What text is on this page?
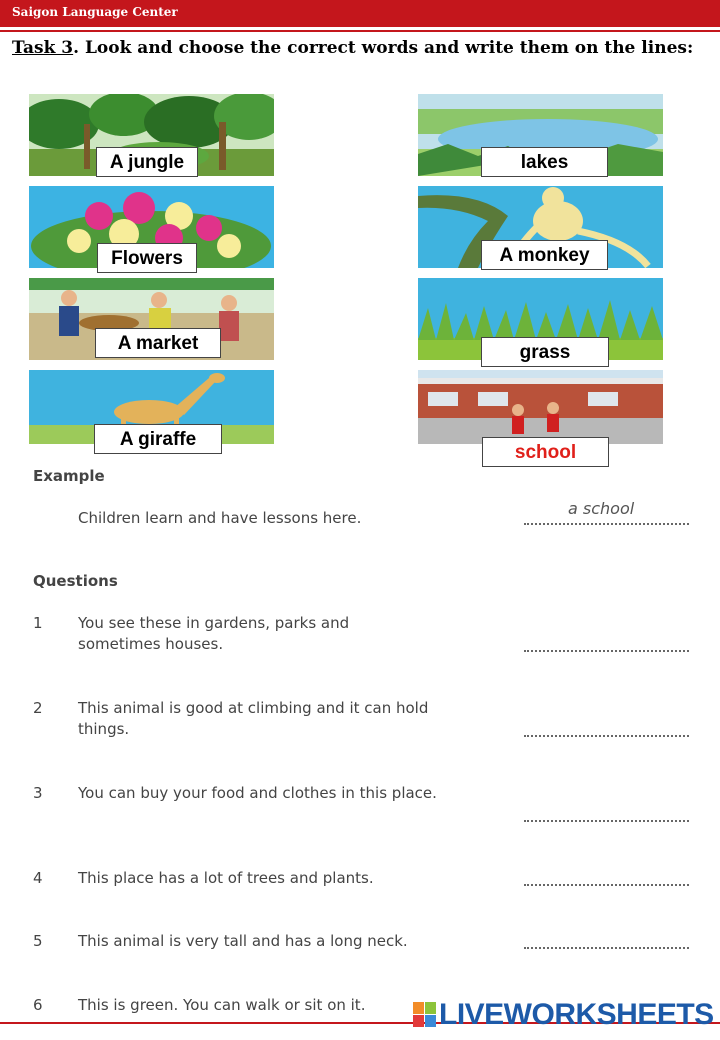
Saigon Language Center
Task 3. Look and choose the correct words and write them on the lines:
A jungle	lakes
Flowers	A monkey
A market	grass
A giraffe
school
Example
Children learn and have lessons here.	a school
Questions
1 You see these in gardens, parks and sometimes houses.
2 This animal is good at climbing and it can hold things.
3 You can buy your food and clothes in this place.
4 This place has a lot of trees and plants.
5 This animal is very tall and has a long neck.
6 This is green. You can walk or sit on it.	LIVEWORKSHEETS
